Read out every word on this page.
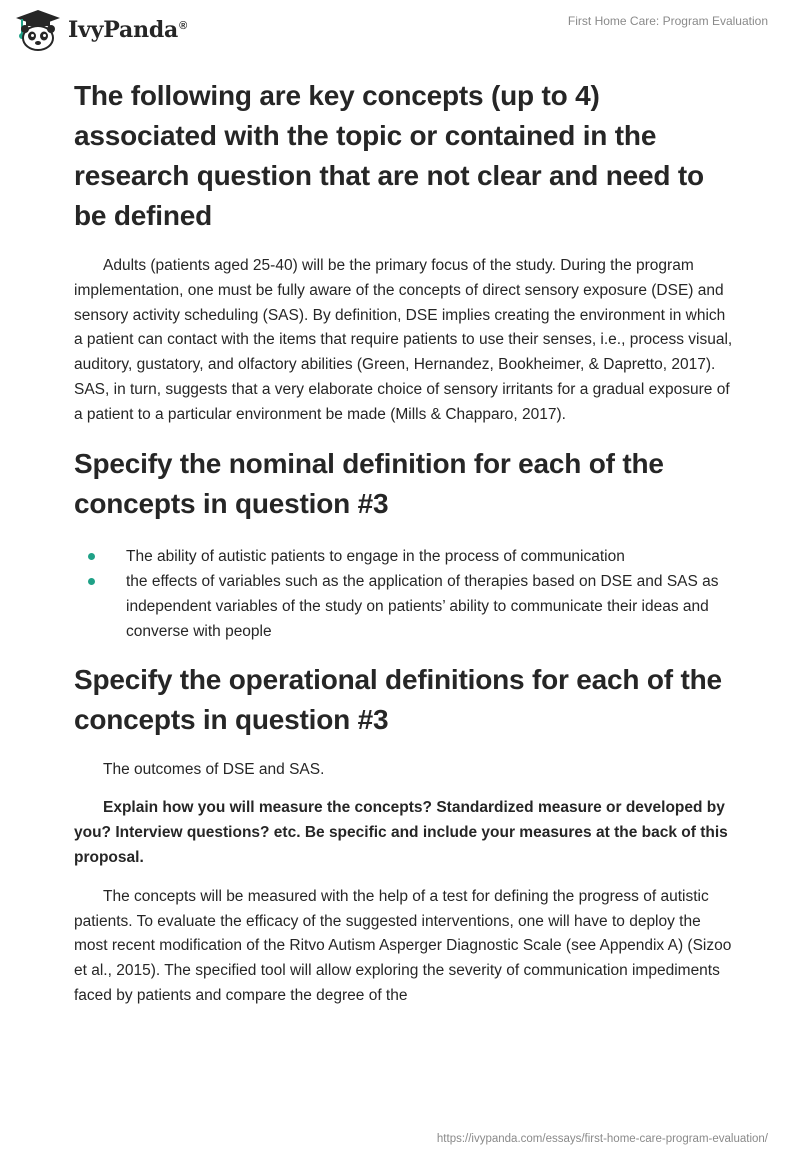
IvyPanda®	First Home Care: Program Evaluation
The following are key concepts (up to 4) associated with the topic or contained in the research question that are not clear and need to be defined

Adults (patients aged 25-40) will be the primary focus of the study. During the program implementation, one must be fully aware of the concepts of direct sensory exposure (DSE) and sensory activity scheduling (SAS). By definition, DSE implies creating the environment in which a patient can contact with the items that require patients to use their senses, i.e., process visual, auditory, gustatory, and olfactory abilities (Green, Hernandez, Bookheimer, & Dapretto, 2017). SAS, in turn, suggests that a very elaborate choice of sensory irritants for a gradual exposure of a patient to a particular environment be made (Mills & Chapparo, 2017).

Specify the nominal definition for each of the concepts in question #3
The ability of autistic patients to engage in the process of communication
the effects of variables such as the application of therapies based on DSE and SAS as independent variables of the study on patients’ ability to communicate their ideas and converse with people
Specify the operational definitions for each of the concepts in question #3

The outcomes of DSE and SAS.

Explain how you will measure the concepts? Standardized measure or developed by you? Interview questions? etc. Be specific and include your measures at the back of this proposal.

The concepts will be measured with the help of a test for defining the progress of autistic patients. To evaluate the efficacy of the suggested interventions, one will have to deploy the most recent modification of the Ritvo Autism Asperger Diagnostic Scale (see Appendix A) (Sizoo et al., 2015). The specified tool will allow exploring the severity of communication impediments faced by patients and compare the degree of the

https://ivypanda.com/essays/first-home-care-program-evaluation/
